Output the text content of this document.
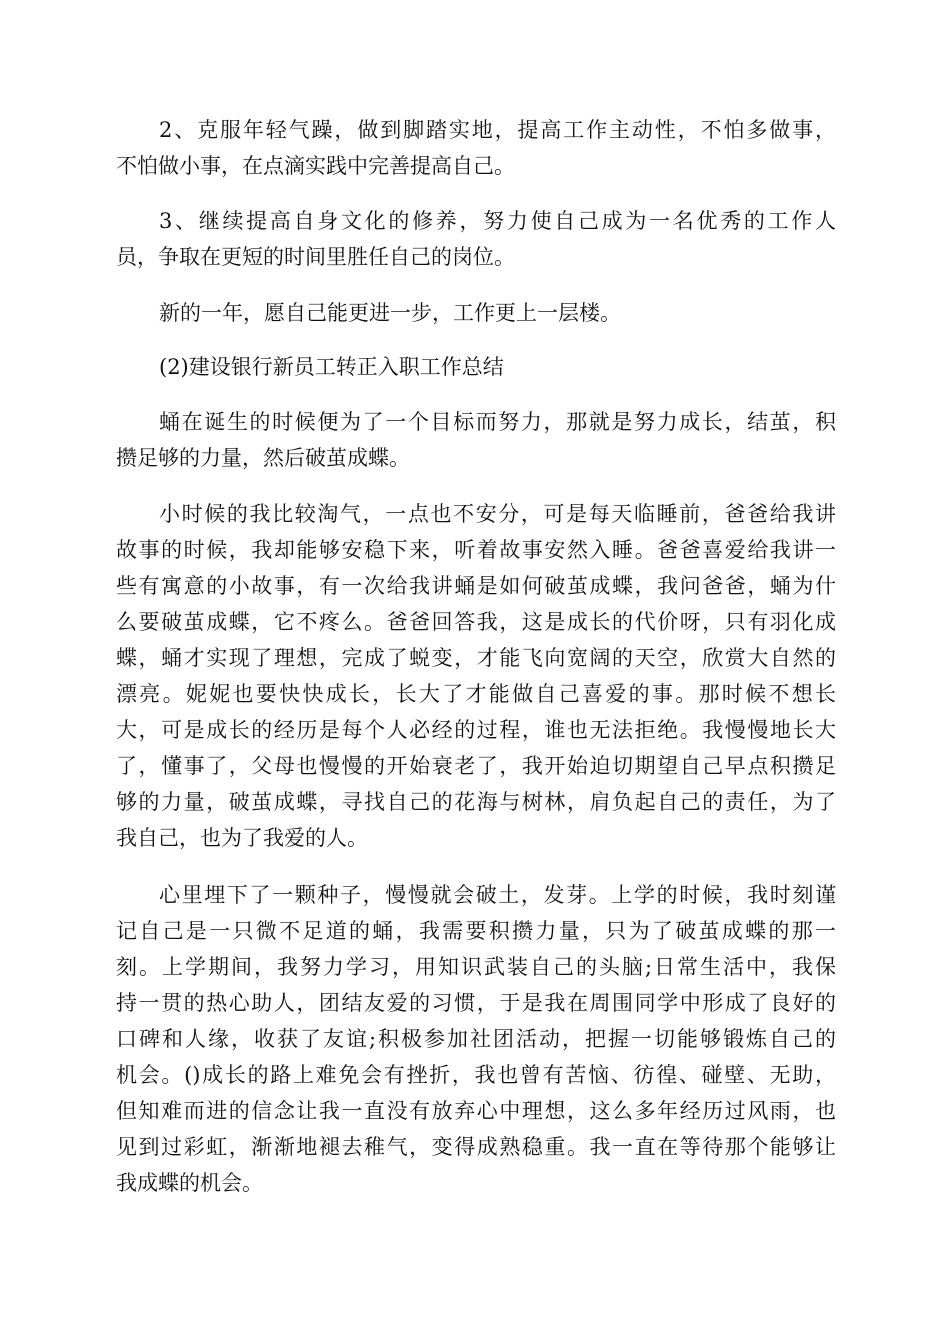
2、克服年轻气躁，做到脚踏实地，提高工作主动性，不怕多做事，
不怕做小事，在点滴实践中完善提高自己。
3、继续提高自身文化的修养，努力使自己成为一名优秀的工作人
员，争取在更短的时间里胜任自己的岗位。
新的一年，愿自己能更进一步，工作更上一层楼。
(2)建设银行新员工转正入职工作总结
蛹在诞生的时候便为了一个目标而努力，那就是努力成长，结茧，积
攒足够的力量，然后破茧成蝶。
小时候的我比较淘气，一点也不安分，可是每天临睡前，爸爸给我讲
故事的时候，我却能够安稳下来，听着故事安然入睡。爸爸喜爱给我讲一
些有寓意的小故事，有一次给我讲蛹是如何破茧成蝶，我问爸爸，蛹为什
么要破茧成蝶，它不疼么。爸爸回答我，这是成长的代价呀，只有羽化成
蝶，蛹才实现了理想，完成了蜕变，才能飞向宽阔的天空，欣赏大自然的
漂亮。妮妮也要快快成长，长大了才能做自己喜爱的事。那时候不想长
大，可是成长的经历是每个人必经的过程，谁也无法拒绝。我慢慢地长大
了，懂事了，父母也慢慢的开始衰老了，我开始迫切期望自己早点积攒足
够的力量，破茧成蝶，寻找自己的花海与树林，肩负起自己的责任，为了
我自己，也为了我爱的人。
心里埋下了一颗种子，慢慢就会破土，发芽。上学的时候，我时刻谨
记自己是一只微不足道的蛹，我需要积攒力量，只为了破茧成蝶的那一
刻。上学期间，我努力学习，用知识武装自己的头脑;日常生活中，我保
持一贯的热心助人，团结友爱的习惯，于是我在周围同学中形成了良好的
口碑和人缘，收获了友谊;积极参加社团活动，把握一切能够锻炼自己的
机会。()成长的路上难免会有挫折，我也曾有苦恼、彷徨、碰壁、无助，
但知难而进的信念让我一直没有放弃心中理想，这么多年经历过风雨，也
见到过彩虹，渐渐地褪去稚气，变得成熟稳重。我一直在等待那个能够让
我成蝶的机会。
